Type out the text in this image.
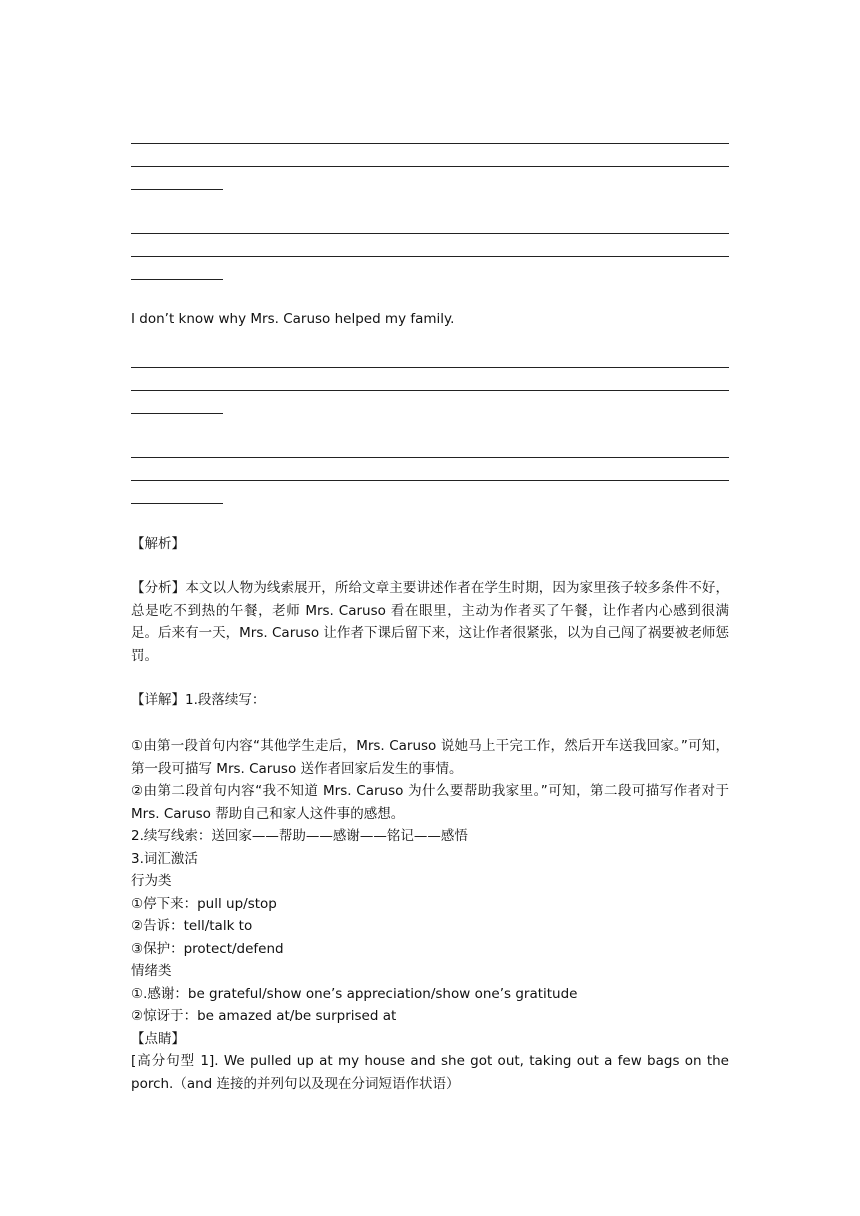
I don’t know why Mrs. Caruso helped my family.
【解析】

【分析】本文以人物为线索展开，所给文章主要讲述作者在学生时期，因为家里孩子较多条件不好，总是吃不到热的午餐，老师 Mrs. Caruso 看在眼里，主动为作者买了午餐，让作者内心感到很满足。后来有一天，Mrs. Caruso 让作者下课后留下来，这让作者很紧张，以为自己闯了祸要被老师惩罚。

【详解】1.段落续写：

①由第一段首句内容“其他学生走后，Mrs. Caruso 说她马上干完工作，然后开车送我回家。”可知，第一段可描写 Mrs. Caruso 送作者回家后发生的事情。

②由第二段首句内容“我不知道 Mrs. Caruso 为什么要帮助我家里。”可知，第二段可描写作者对于 Mrs. Caruso 帮助自己和家人这件事的感想。

2.续写线索：送回家——帮助——感谢——铭记——感悟

3.词汇激活

行为类

①停下来：pull up/stop

②告诉：tell/talk to

③保护：protect/defend

情绪类

①.感谢：be grateful/show one’s appreciation/show one’s gratitude

②惊讶于：be amazed at/be surprised at

【点睛】

[高分句型 1]. We pulled up at my house and she got out, taking out a few bags on the porch.（and 连接的并列句以及现在分词短语作状语）
